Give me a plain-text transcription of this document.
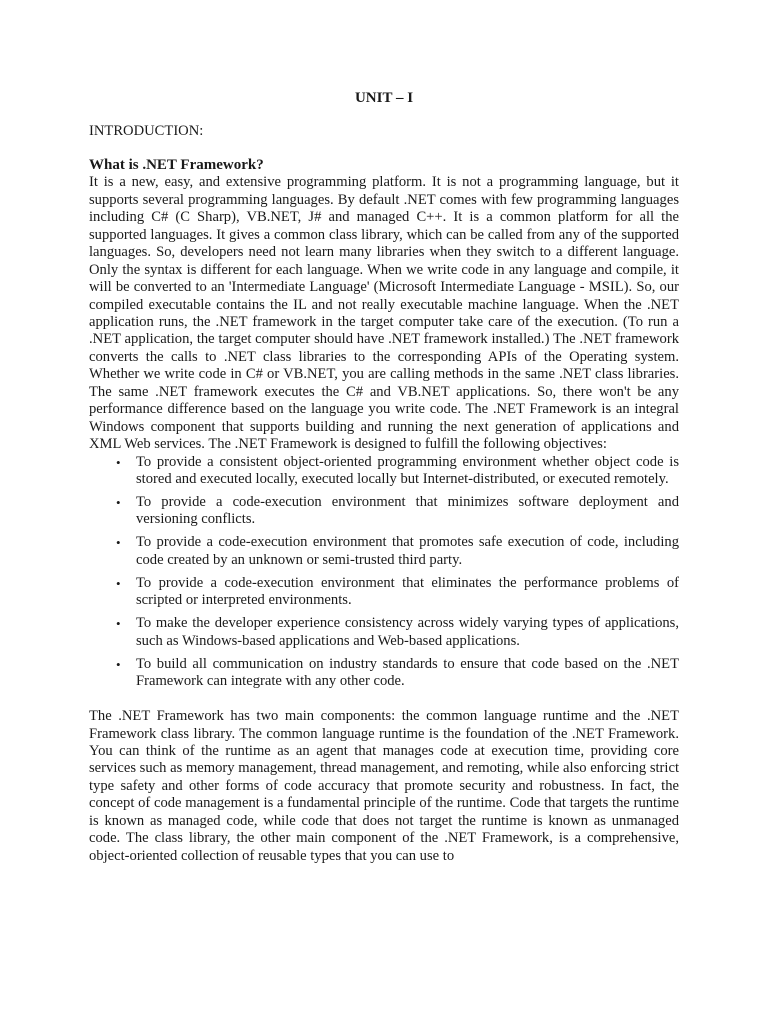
UNIT – I
INTRODUCTION:
What is .NET Framework?

It is a new, easy, and extensive programming platform. It is not a programming language, but it supports several programming languages. By default .NET comes with few programming languages including C# (C Sharp), VB.NET, J# and managed C++. It is a common platform for all the supported languages. It gives a common class library, which can be called from any of the supported languages. So, developers need not learn many libraries when they switch to a different language. Only the syntax is different for each language. When we write code in any language and compile, it will be converted to an 'Intermediate Language' (Microsoft Intermediate Language - MSIL). So, our compiled executable contains the IL and not really executable machine language. When the .NET application runs, the .NET framework in the target computer take care of the execution. (To run a .NET application, the target computer should have .NET framework installed.) The .NET framework converts the calls to .NET class libraries to the corresponding APIs of the Operating system. Whether we write code in C# or VB.NET, you are calling methods in the same .NET class libraries. The same .NET framework executes the C# and VB.NET applications. So, there won't be any performance difference based on the language you write code. The .NET Framework is an integral Windows component that supports building and running the next generation of applications and XML Web services. The .NET Framework is designed to fulfill the following objectives:

• To provide a consistent object-oriented programming environment whether object code is stored and executed locally, executed locally but Internet-distributed, or executed remotely.
• To provide a code-execution environment that minimizes software deployment and versioning conflicts.
• To provide a code-execution environment that promotes safe execution of code, including code created by an unknown or semi-trusted third party.
• To provide a code-execution environment that eliminates the performance problems of scripted or interpreted environments.
• To make the developer experience consistency across widely varying types of applications, such as Windows-based applications and Web-based applications.
• To build all communication on industry standards to ensure that code based on the .NET Framework can integrate with any other code.

The .NET Framework has two main components: the common language runtime and the .NET Framework class library. The common language runtime is the foundation of the .NET Framework. You can think of the runtime as an agent that manages code at execution time, providing core services such as memory management, thread management, and remoting, while also enforcing strict type safety and other forms of code accuracy that promote security and robustness. In fact, the concept of code management is a fundamental principle of the runtime. Code that targets the runtime is known as managed code, while code that does not target the runtime is known as unmanaged code. The class library, the other main component of the .NET Framework, is a comprehensive, object-oriented collection of reusable types that you can use to
